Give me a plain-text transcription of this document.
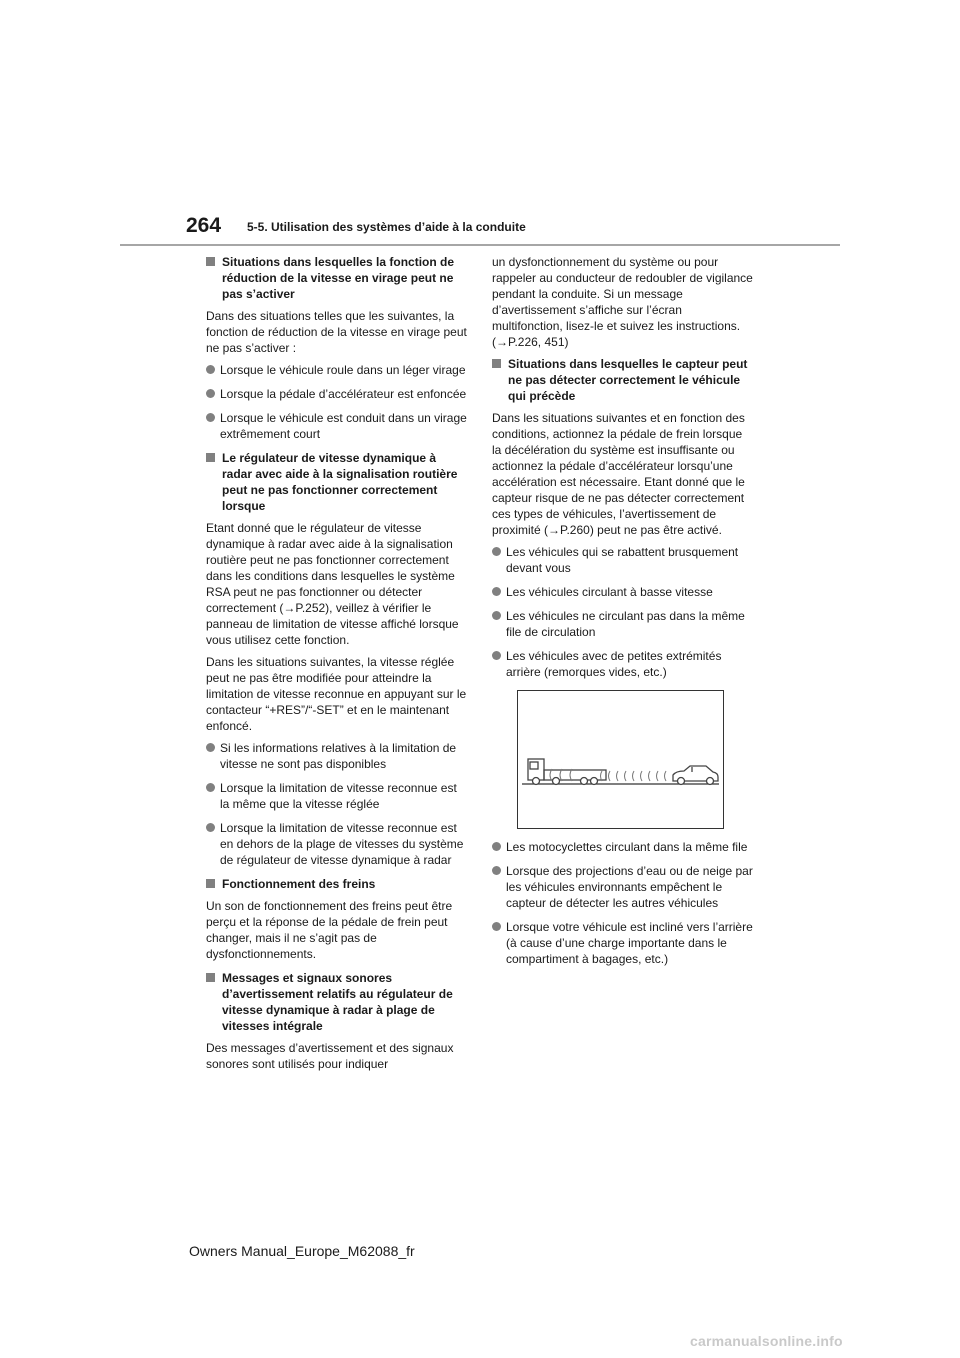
264 5-5. Utilisation des systèmes d’aide à la conduite
Situations dans lesquelles la fonction de réduction de la vitesse en virage peut ne pas s’activer

Dans des situations telles que les suivantes, la fonction de réduction de la vitesse en virage peut ne pas s’activer :

Lorsque le véhicule roule dans un léger virage
Lorsque la pédale d’accélérateur est enfoncée
Lorsque le véhicule est conduit dans un virage extrêmement court
Le régulateur de vitesse dynamique à radar avec aide à la signalisation routière peut ne pas fonctionner correctement lorsque

Etant donné que le régulateur de vitesse dynamique à radar avec aide à la signalisation routière peut ne pas fonctionner correctement dans les conditions dans lesquelles le système RSA peut ne pas fonctionner ou détecter correctement (→P.252), veillez à vérifier le panneau de limitation de vitesse affiché lorsque vous utilisez cette fonction.

Dans les situations suivantes, la vitesse réglée peut ne pas être modifiée pour atteindre la limitation de vitesse reconnue en appuyant sur le contacteur “+RES”/“-SET” et en le maintenant enfoncé.

Si les informations relatives à la limitation de vitesse ne sont pas disponibles
Lorsque la limitation de vitesse reconnue est la même que la vitesse réglée
Lorsque la limitation de vitesse reconnue est en dehors de la plage de vitesses du système de régulateur de vitesse dynamique à radar
Fonctionnement des freins

Un son de fonctionnement des freins peut être perçu et la réponse de la pédale de frein peut changer, mais il ne s’agit pas de dysfonctionnements.

Messages et signaux sonores d’avertissement relatifs au régulateur de vitesse dynamique à radar à plage de vitesses intégrale

Des messages d’avertissement et des signaux sonores sont utilisés pour indiquer

un dysfonctionnement du système ou pour rappeler au conducteur de redoubler de vigilance pendant la conduite. Si un message d’avertissement s’affiche sur l’écran multifonction, lisez-le et suivez les instructions.(→P.226, 451)

Situations dans lesquelles le capteur peut ne pas détecter correctement le véhicule qui précède

Dans les situations suivantes et en fonction des conditions, actionnez la pédale de frein lorsque la décélération du système est insuffisante ou actionnez la pédale d’accélérateur lorsqu’une accélération est nécessaire. Etant donné que le capteur risque de ne pas détecter correctement ces types de véhicules, l’avertissement de proximité (→P.260) peut ne pas être activé.

Les véhicules qui se rabattent brusquement devant vous
Les véhicules circulant à basse vitesse
Les véhicules ne circulant pas dans la même file de circulation
Les véhicules avec de petites extrémités arrière (remorques vides, etc.)
Les motocyclettes circulant dans la même file
Lorsque des projections d’eau ou de neige par les véhicules environnants empêchent le capteur de détecter les autres véhicules
Lorsque votre véhicule est incliné vers l’arrière (à cause d’une charge importante dans le compartiment à bagages, etc.)
Owners Manual_Europe_M62088_fr
carmanualsonline.info
